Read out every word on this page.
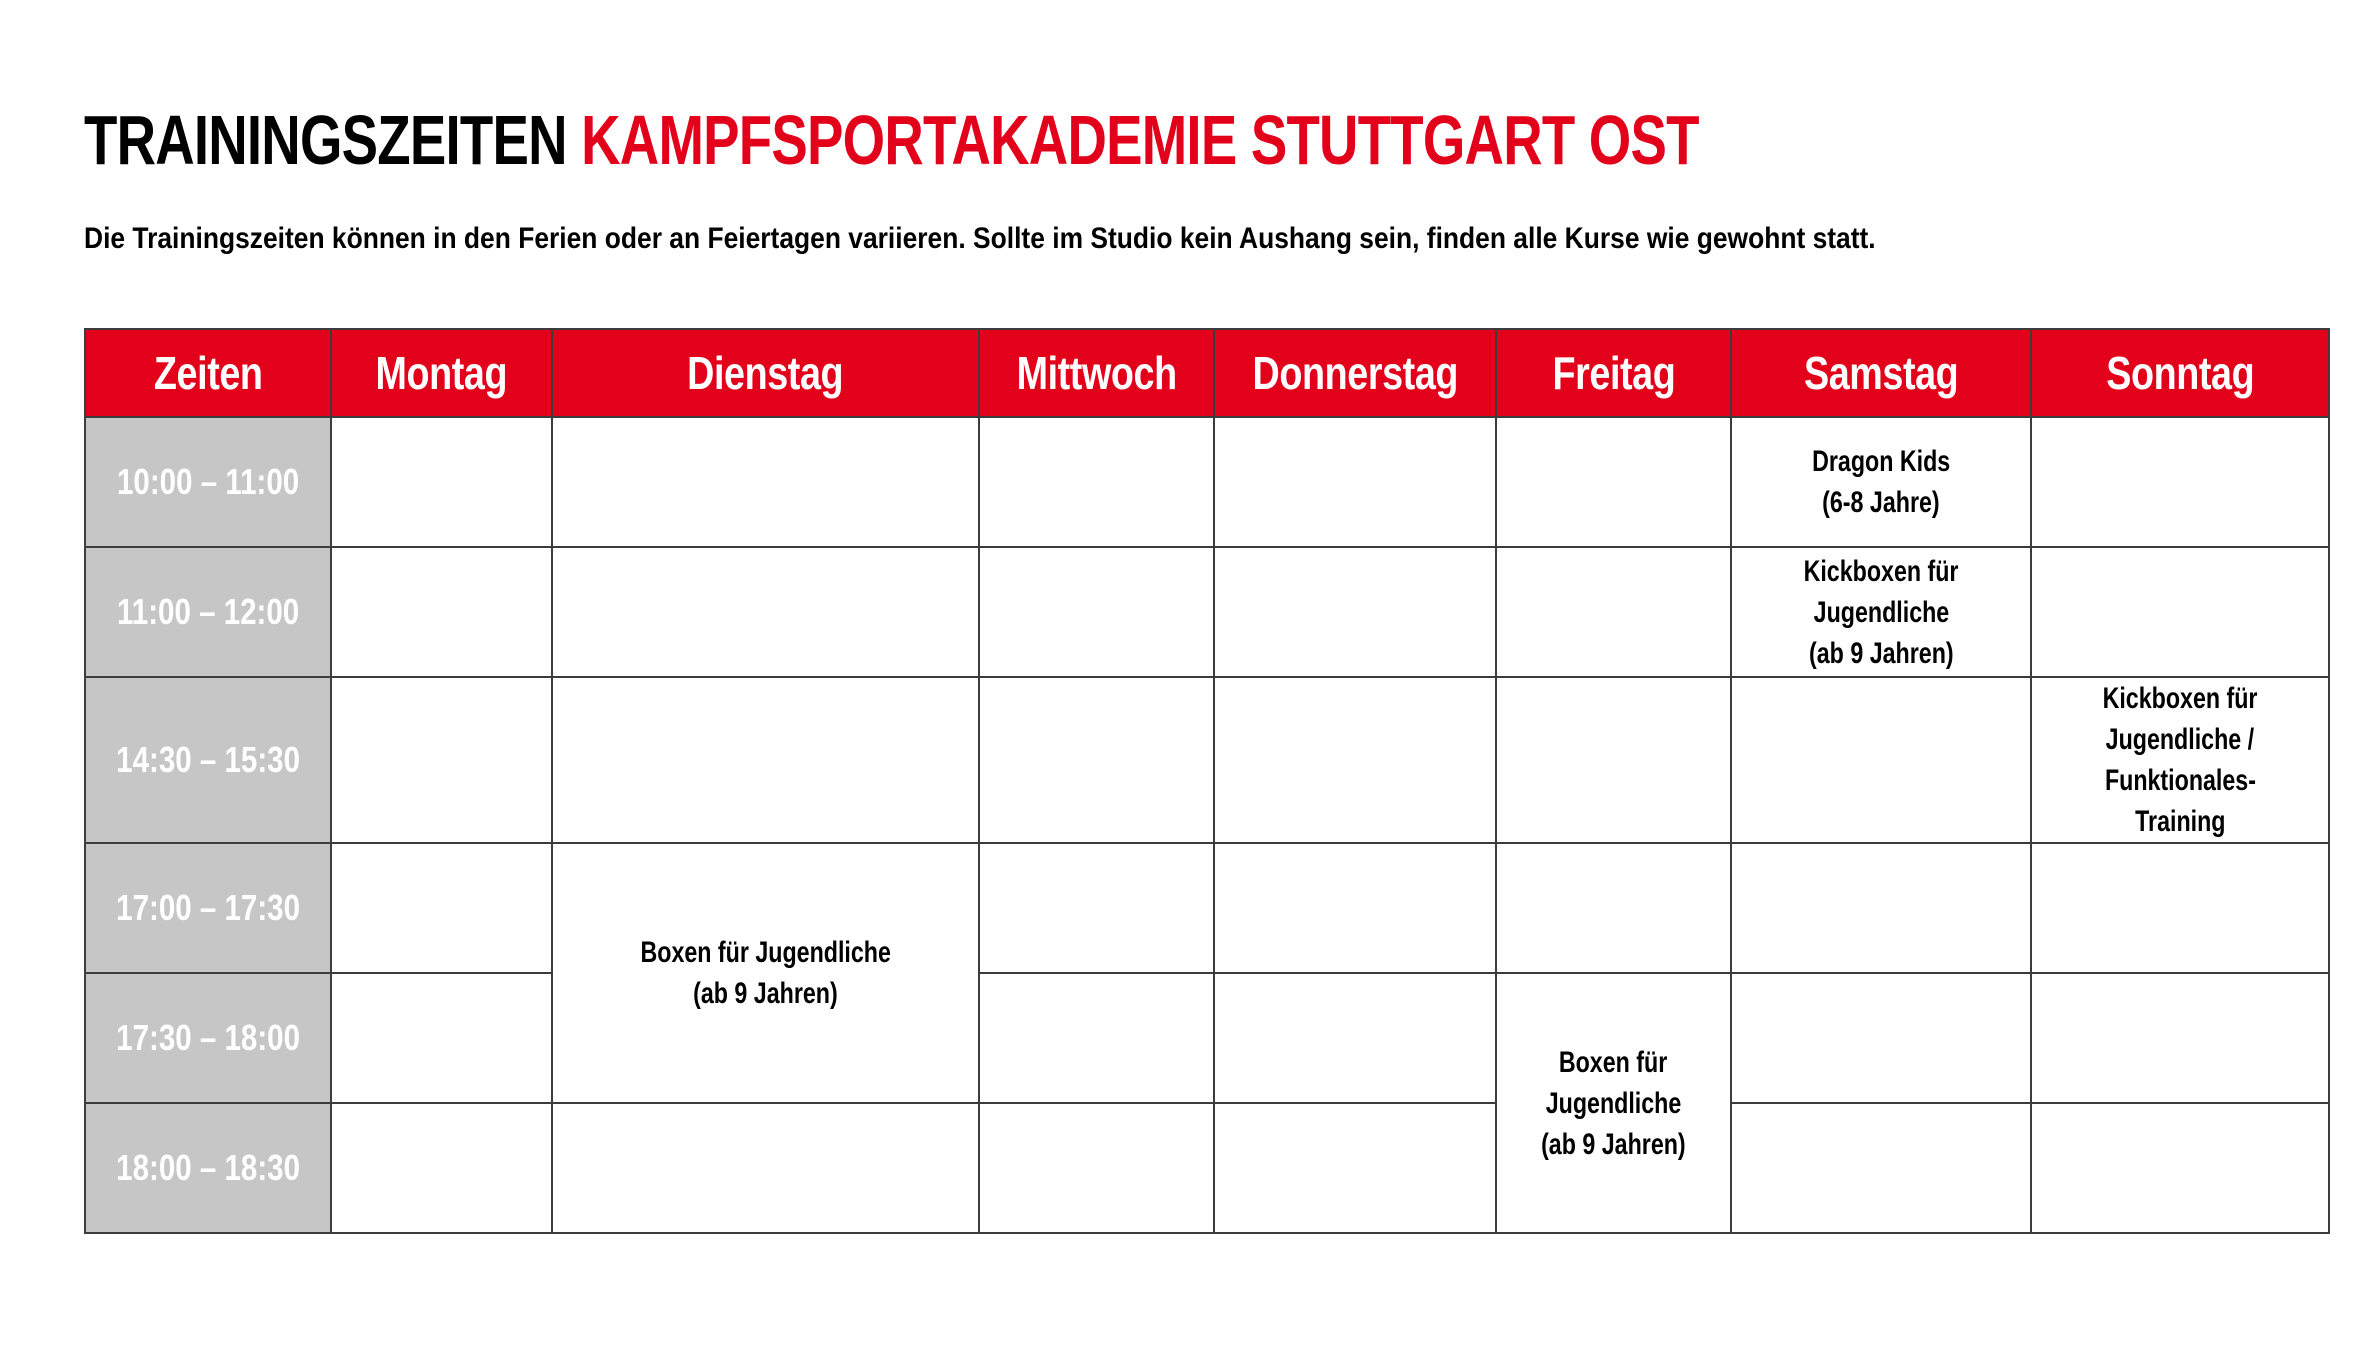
TRAININGSZEITEN KAMPFSPORTAKADEMIE STUTTGART OST

Die Trainingszeiten können in den Ferien oder an Feiertagen variieren. Sollte im Studio kein Aushang sein, finden alle Kurse wie gewohnt statt.

Zeiten	Montag	Dienstag	Mittwoch	Donnerstag	Freitag	Samstag	Sonntag
10:00 – 11:00						Dragon Kids
(6-8 Jahre)	
11:00 – 12:00						Kickboxen für
Jugendliche
(ab 9 Jahren)	
14:30 – 15:30							Kickboxen für
Jugendliche /
Funktionales-
Training
17:00 – 17:30		Boxen für Jugendliche
(ab 9 Jahren)					
17:30 – 18:00					Boxen für
Jugendliche
(ab 9 Jahren)		
18:00 – 18:30							
